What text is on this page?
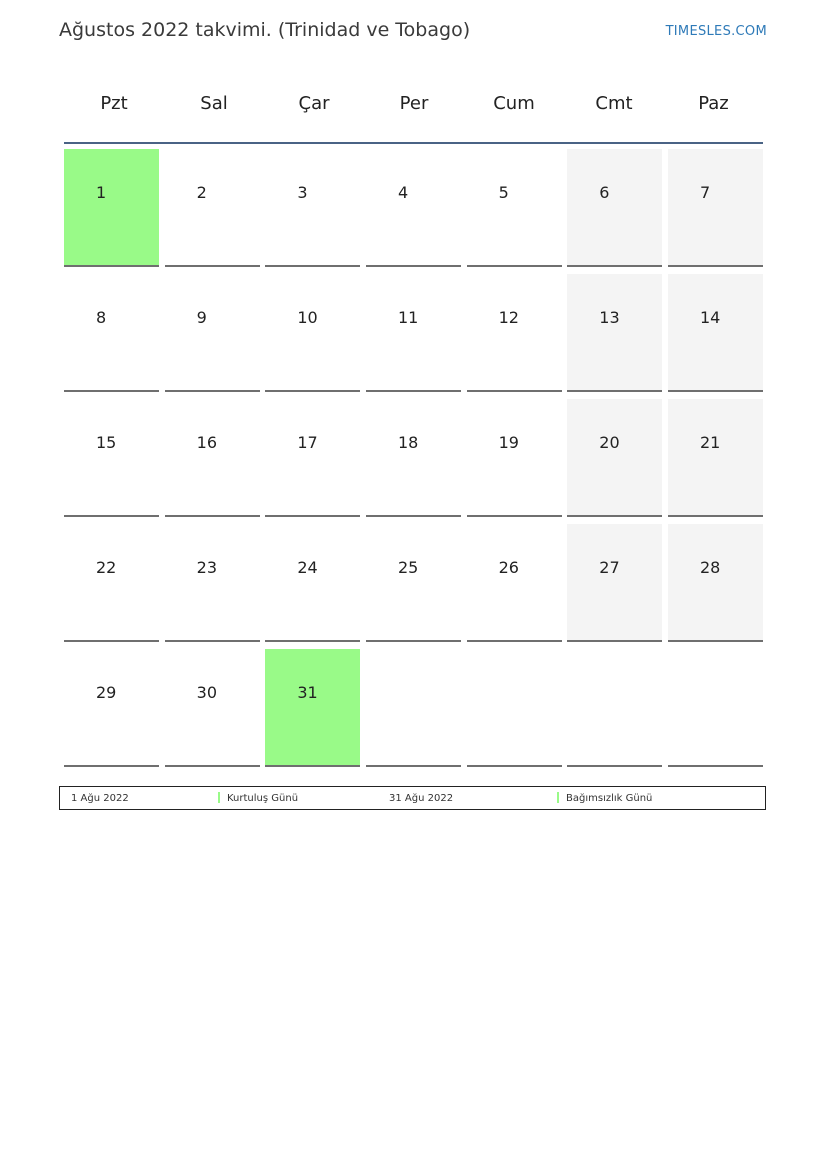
Ağustos 2022 takvimi. (Trinidad ve Tobago)	TIMESLES.COM
Pzt	Sal	Çar	Per	Cum	Cmt	Paz
1	2	3	4	5	6	7
8	9	10	11	12	13	14
15	16	17	18	19	20	21
22	23	24	25	26	27	28
29	30	31
1 Ağu 2022	Kurtuluş Günü	31 Ağu 2022	Bağımsızlık Günü
